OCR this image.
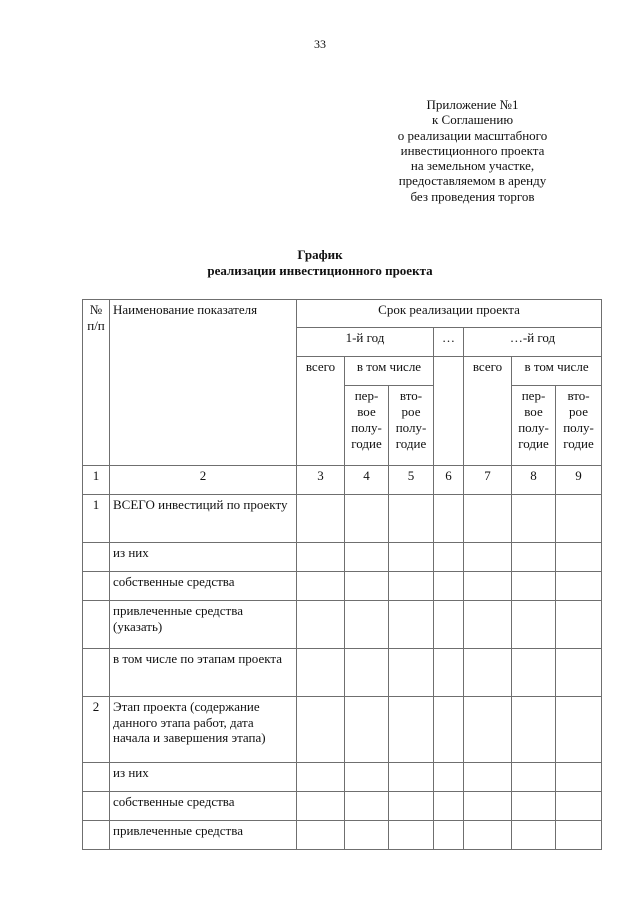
33
Приложение №1
к Соглашению
о реализации масштабного
инвестиционного проекта
на земельном участке,
предоставляемом в аренду
без проведения торгов
График
реализации инвестиционного проекта
№ п/п	Наименование показателя	Срок реализации проекта						
		1-й год			…	…-й год		
		всего	в том числе			всего	в том числе	
			пер-
вое
полу-
годие	вто-
рое
полу-
годие			пер-
вое
полу-
годие	вто-
рое
полу-
годие
1	2	3	4	5	6	7	8	9
1	ВСЕГО инвестиций по проекту							
	из них							
	собственные средства							
	привлеченные средства (указать)							
	в том числе по этапам проекта							
2	Этап проекта (содержание данного этапа работ, дата начала и завершения этапа)							
	из них							
	собственные средства							
	привлеченные средства							
